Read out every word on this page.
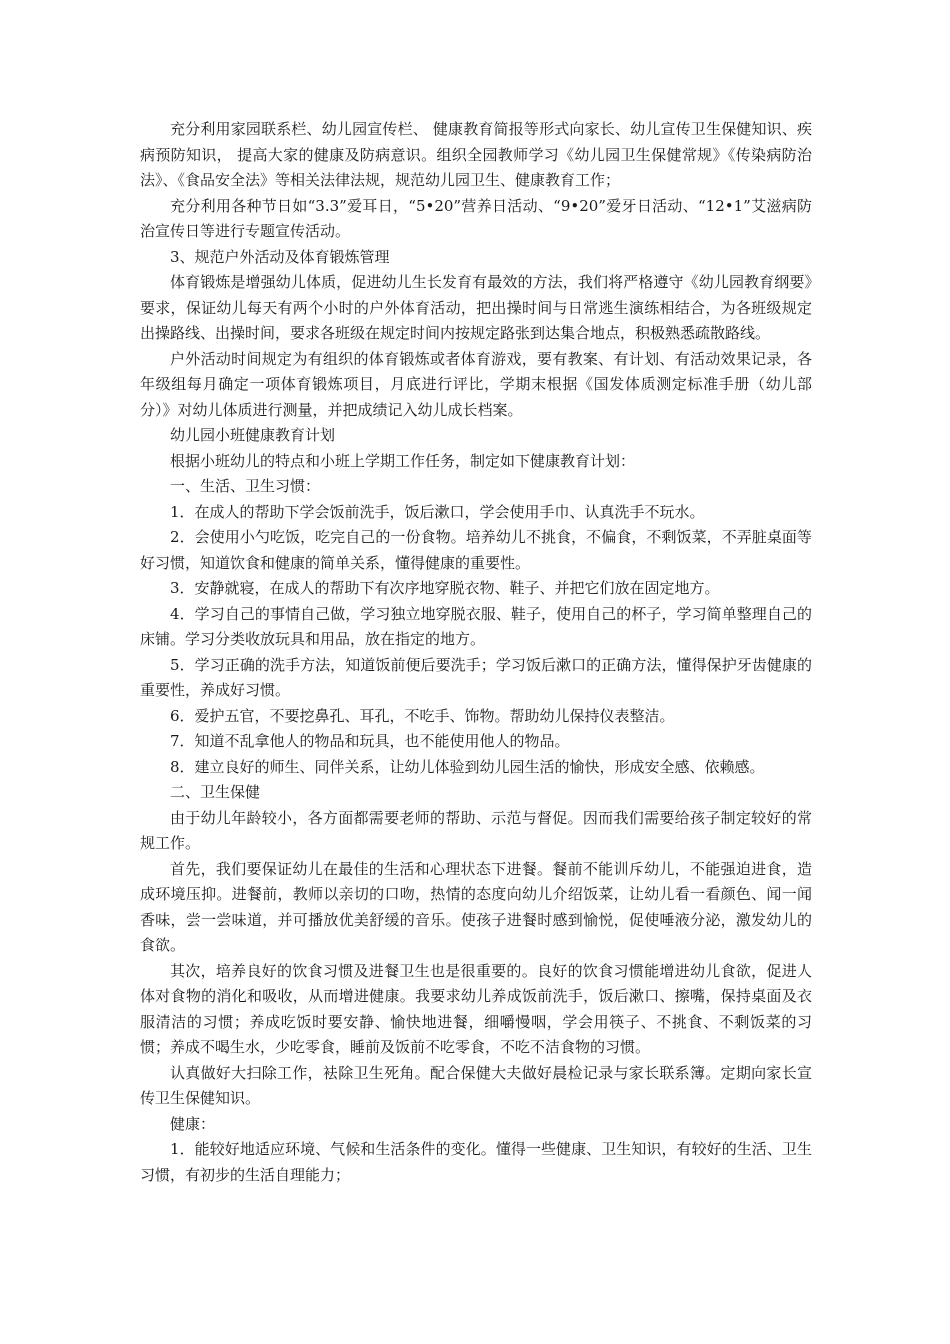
充分利用家园联系栏、幼儿园宣传栏、 健康教育简报等形式向家长、幼儿宣传卫生保健知识、疾病预防知识， 提高大家的健康及防病意识。组织全园教师学习《幼儿园卫生保健常规》《传染病防治法》、《食品安全法》等相关法律法规，规范幼儿园卫生、健康教育工作；

充分利用各种节日如“3.3”爱耳日，“5•20”营养日活动、“9•20”爱牙日活动、“12•1”艾滋病防治宣传日等进行专题宣传活动。

3、规范户外活动及体育锻炼管理

体育锻炼是增强幼儿体质，促进幼儿生长发育有最效的方法，我们将严格遵守《幼儿园教育纲要》要求，保证幼儿每天有两个小时的户外体育活动，把出操时间与日常逃生演练相结合，为各班级规定出操路线、出操时间，要求各班级在规定时间内按规定路张到达集合地点，积极熟悉疏散路线。

户外活动时间规定为有组织的体育锻炼或者体育游戏，要有教案、有计划、有活动效果记录，各年级组每月确定一项体育锻炼项目，月底进行评比，学期末根据《国发体质测定标准手册（幼儿部分）》对幼儿体质进行测量，并把成绩记入幼儿成长档案。

幼儿园小班健康教育计划

根据小班幼儿的特点和小班上学期工作任务，制定如下健康教育计划：

一、生活、卫生习惯：

1．在成人的帮助下学会饭前洗手，饭后漱口，学会使用手巾、认真洗手不玩水。

2．会使用小勺吃饭，吃完自己的一份食物。培养幼儿不挑食，不偏食，不剩饭菜，不弄脏桌面等好习惯，知道饮食和健康的简单关系，懂得健康的重要性。

3．安静就寝，在成人的帮助下有次序地穿脱衣物、鞋子、并把它们放在固定地方。

4．学习自己的事情自己做，学习独立地穿脱衣服、鞋子，使用自己的杯子，学习简单整理自己的床铺。学习分类收放玩具和用品，放在指定的地方。

5．学习正确的洗手方法，知道饭前便后要洗手；学习饭后漱口的正确方法，懂得保护牙齿健康的重要性，养成好习惯。

6．爱护五官，不要挖鼻孔、耳孔，不吃手、饰物。帮助幼儿保持仪表整洁。

7．知道不乱拿他人的物品和玩具，也不能使用他人的物品。

8．建立良好的师生、同伴关系，让幼儿体验到幼儿园生活的愉快，形成安全感、依赖感。

二、卫生保健

由于幼儿年龄较小，各方面都需要老师的帮助、示范与督促。因而我们需要给孩子制定较好的常规工作。

首先，我们要保证幼儿在最佳的生活和心理状态下进餐。餐前不能训斥幼儿，不能强迫进食，造成环境压抑。进餐前，教师以亲切的口吻，热情的态度向幼儿介绍饭菜，让幼儿看一看颜色、闻一闻香味，尝一尝味道，并可播放优美舒缓的音乐。使孩子进餐时感到愉悦，促使唾液分泌，激发幼儿的食欲。

其次，培养良好的饮食习惯及进餐卫生也是很重要的。良好的饮食习惯能增进幼儿食欲，促进人体对食物的消化和吸收，从而增进健康。我要求幼儿养成饭前洗手，饭后漱口、擦嘴，保持桌面及衣服清洁的习惯；养成吃饭时要安静、愉快地进餐，细嚼慢咽，学会用筷子、不挑食、不剩饭菜的习惯；养成不喝生水，少吃零食，睡前及饭前不吃零食，不吃不洁食物的习惯。

认真做好大扫除工作，袪除卫生死角。配合保健大夫做好晨检记录与家长联系簿。定期向家长宣传卫生保健知识。

健康：

1．能较好地适应环境、气候和生活条件的变化。懂得一些健康、卫生知识，有较好的生活、卫生习惯，有初步的生活自理能力；
